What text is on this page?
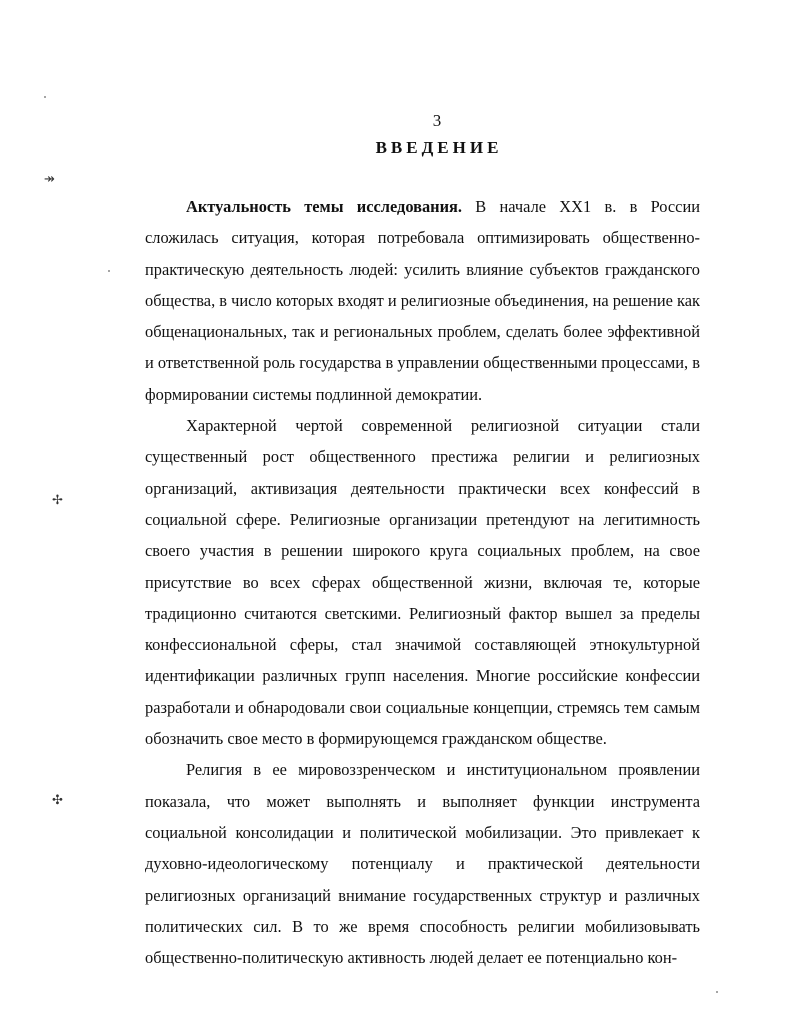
3
ВВЕДЕНИЕ

Актуальность темы исследования. В начале XX1 в. в России сложилась ситуация, которая потребовала оптимизировать общественно-практическую деятельность людей: усилить влияние субъектов гражданского общества, в число которых входят и религиозные объединения, на решение как общенациональных, так и региональных проблем, сделать более эффективной и ответственной роль государства в управлении общественными процессами, в формировании системы подлинной демократии.

Характерной чертой современной религиозной ситуации стали существенный рост общественного престижа религии и религиозных организаций, активизация деятельности практически всех конфессий в социальной сфере. Религиозные организации претендуют на легитимность своего участия в решении широкого круга социальных проблем, на свое присутствие во всех сферах общественной жизни, включая те, которые традиционно считаются светскими. Религиозный фактор вышел за пределы конфессиональной сферы, стал значимой составляющей этнокультурной идентификации различных групп населения. Многие российские конфессии разработали и обнародовали свои социальные концепции, стремясь тем самым обозначить свое место в формирующемся гражданском обществе.

Религия в ее мировоззренческом и институциональном проявлении показала, что может выполнять и выполняет функции инструмента социальной консолидации и политической мобилизации. Это привлекает к духовно-идеологическому потенциалу и практической деятельности религиозных организаций внимание государственных структур и различных политических сил. В то же время способность религии мобилизовывать общественно-политическую активность людей делает ее потенциально кон-

↠
✢
✣
